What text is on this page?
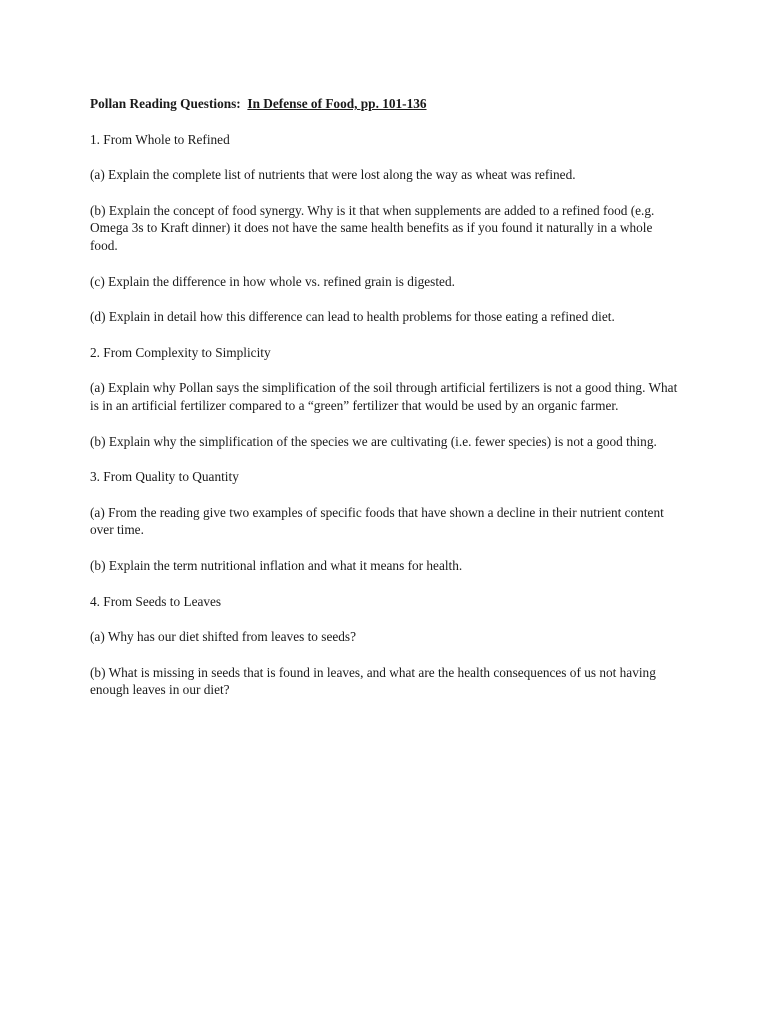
Pollan Reading Questions: In Defense of Food, pp. 101-136

1. From Whole to Refined

(a) Explain the complete list of nutrients that were lost along the way as wheat was refined.

(b) Explain the concept of food synergy. Why is it that when supplements are added to a refined food (e.g. Omega 3s to Kraft dinner) it does not have the same health benefits as if you found it naturally in a whole food.

(c) Explain the difference in how whole vs. refined grain is digested.

(d) Explain in detail how this difference can lead to health problems for those eating a refined diet.

2. From Complexity to Simplicity

(a) Explain why Pollan says the simplification of the soil through artificial fertilizers is not a good thing. What is in an artificial fertilizer compared to a “green” fertilizer that would be used by an organic farmer.

(b) Explain why the simplification of the species we are cultivating (i.e. fewer species) is not a good thing.

3. From Quality to Quantity

(a) From the reading give two examples of specific foods that have shown a decline in their nutrient content over time.

(b) Explain the term nutritional inflation and what it means for health.

4. From Seeds to Leaves

(a) Why has our diet shifted from leaves to seeds?

(b) What is missing in seeds that is found in leaves, and what are the health consequences of us not having enough leaves in our diet?
